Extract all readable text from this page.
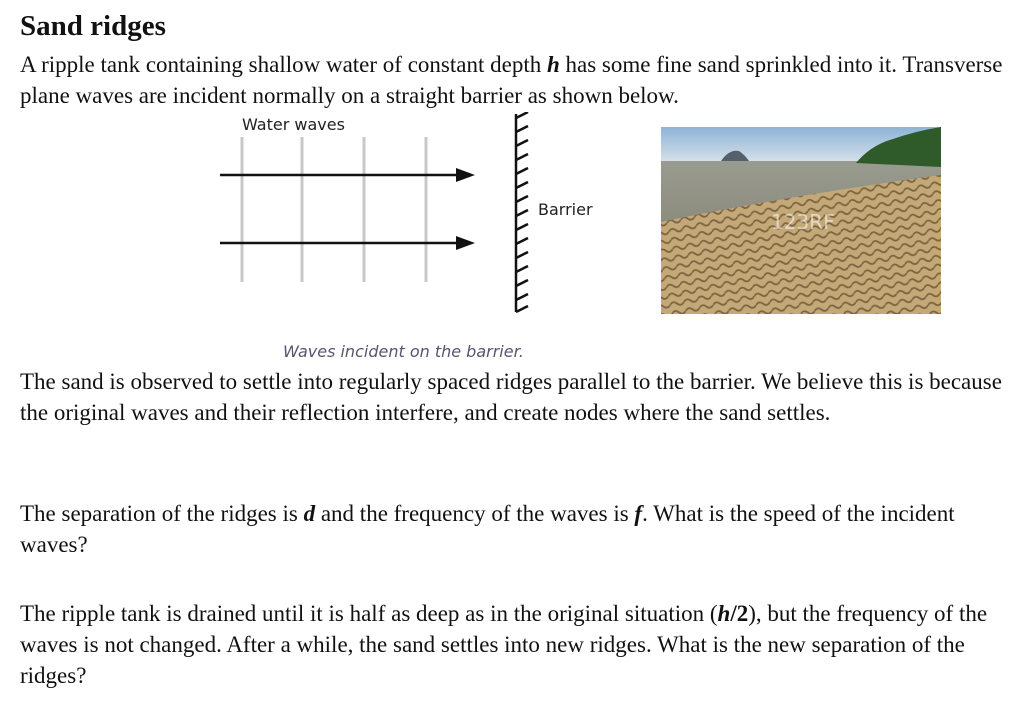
Sand ridges

A ripple tank containing shallow water of constant depth h has some fine sand sprinkled into it. Transverse plane waves are incident normally on a straight barrier as shown below.

Water waves
Barrier
Waves incident on the barrier.
123RF

The sand is observed to settle into regularly spaced ridges parallel to the barrier. We believe this is because the original waves and their reflection interfere, and create nodes where the sand settles.

The separation of the ridges is d and the frequency of the waves is f. What is the speed of the incident waves?

The ripple tank is drained until it is half as deep as in the original situation (h/2), but the frequency of the waves is not changed. After a while, the sand settles into new ridges. What is the new separation of the ridges?
